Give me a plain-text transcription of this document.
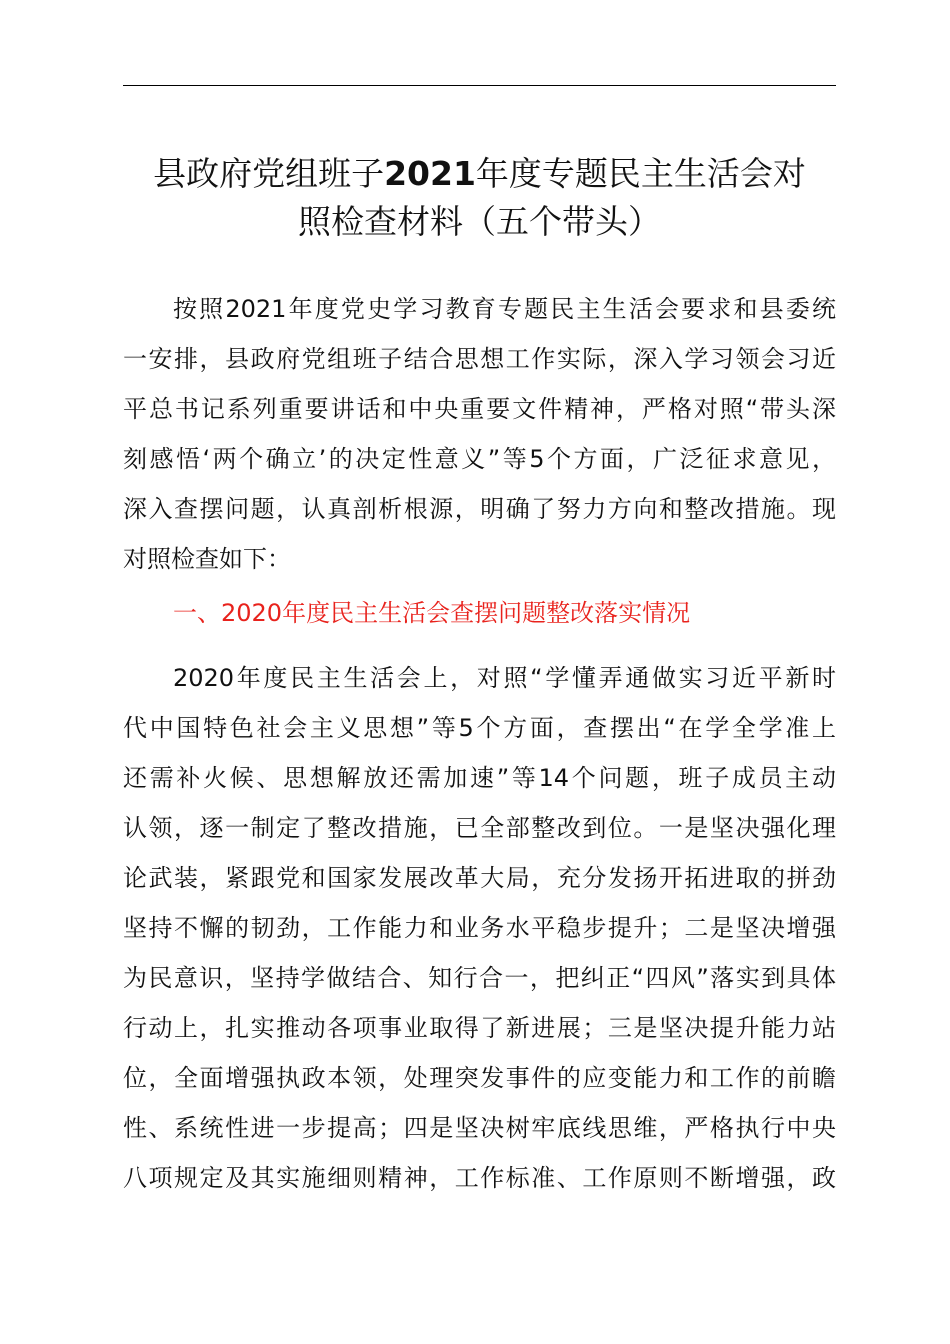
县政府党组班子2021年度专题民主生活会对
照检查材料（五个带头）
按照2021年度党史学习教育专题民主生活会要求和县委统
一安排，县政府党组班子结合思想工作实际，深入学习领会习近
平总书记系列重要讲话和中央重要文件精神，严格对照“带头深
刻感悟‘两个确立’的决定性意义”等5个方面，广泛征求意见，
深入查摆问题，认真剖析根源，明确了努力方向和整改措施。现
对照检查如下：
一、2020年度民主生活会查摆问题整改落实情况
2020年度民主生活会上，对照“学懂弄通做实习近平新时
代中国特色社会主义思想”等5个方面，查摆出“在学全学准上
还需补火候、思想解放还需加速”等14个问题，班子成员主动
认领，逐一制定了整改措施，已全部整改到位。一是坚决强化理
论武装，紧跟党和国家发展改革大局，充分发扬开拓进取的拼劲
坚持不懈的韧劲，工作能力和业务水平稳步提升；二是坚决增强
为民意识，坚持学做结合、知行合一，把纠正“四风”落实到具体
行动上，扎实推动各项事业取得了新进展；三是坚决提升能力站
位，全面增强执政本领，处理突发事件的应变能力和工作的前瞻
性、系统性进一步提高；四是坚决树牢底线思维，严格执行中央
八项规定及其实施细则精神，工作标准、工作原则不断增强，政
